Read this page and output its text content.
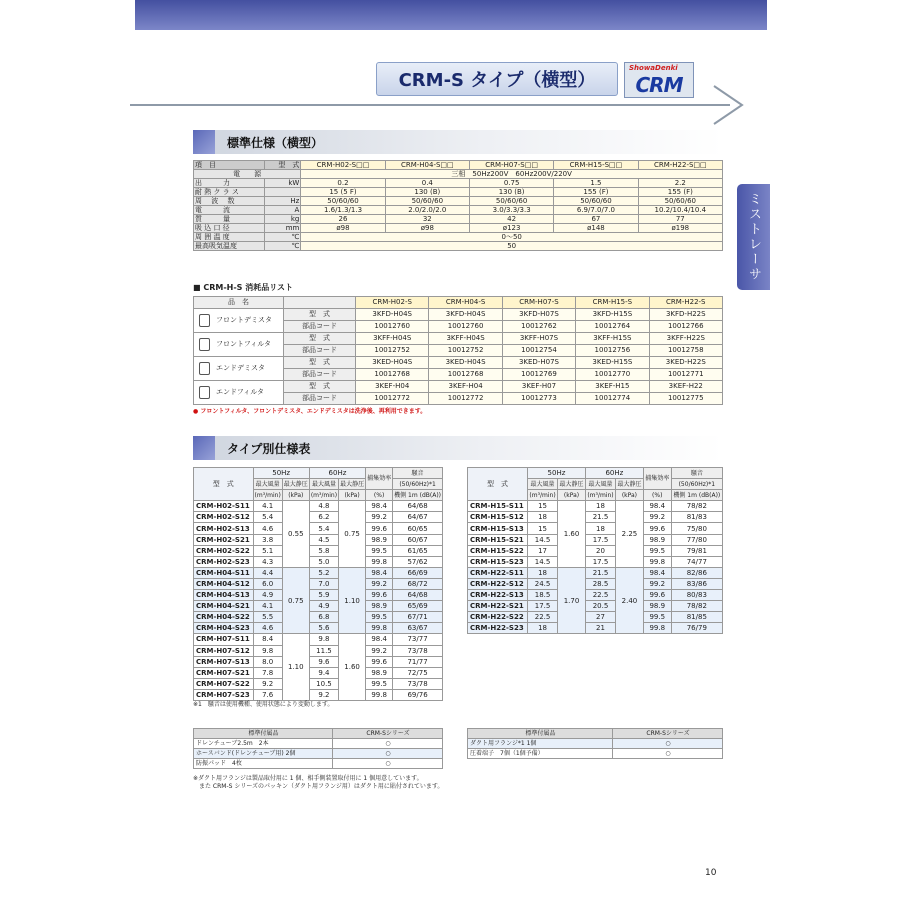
CRM-S タイプ（横型）
ShowaDenki
CRM
ミストレーサ
標準仕様（横型）
項　目	型　式	CRM-H02-S□□	CRM-H04-S□□	CRM-H07-S□□	CRM-H15-S□□	CRM-H22-S□□
電　　源		三相　50Hz200V　60Hz200V/220V				
出　　　力	kW	0.2	0.4	0.75	1.5	2.2
耐 熱 ク ラ ス		15 (5 F)	130 (B)	130 (B)	155 (F)	155 (F)
周　 波　 数	Hz	50/60/60	50/60/60	50/60/60	50/60/60	50/60/60
電　　　流	A	1.6/1.3/1.3	2.0/2.0/2.0	3.0/3.3/3.3	6.9/7.0/7.0	10.2/10.4/10.4
質　　　量	kg	26	32	42	67	77
吸 込 口 径	mm	ø98	ø98	ø123	ø148	ø198
周 囲 温 度	℃	0～50				
最高吸気温度	℃	50				
■ CRM-H-S 消耗品リスト
品　名		CRM-H02-S	CRM-H04-S	CRM-H07-S	CRM-H15-S	CRM-H22-S

フロントデミスタ	型　式	3KFD-H04S	3KFD-H04S	3KFD-H07S	3KFD-H15S	3KFD-H22S
	部品コード	10012760	10012760	10012762	10012764	10012766

フロントフィルタ	型　式	3KFF-H04S	3KFF-H04S	3KFF-H07S	3KFF-H15S	3KFF-H22S
	部品コード	10012752	10012752	10012754	10012756	10012758

エンドデミスタ	型　式	3KED-H04S	3KED-H04S	3KED-H07S	3KED-H15S	3KED-H22S
	部品コード	10012768	10012768	10012769	10012770	10012771

エンドフィルタ	型　式	3KEF-H04	3KEF-H04	3KEF-H07	3KEF-H15	3KEF-H22
	部品コード	10012772	10012772	10012773	10012774	10012775
● フロントフィルタ、フロントデミスタ、エンドデミスタは洗浄後、再利用できます。
タイプ別仕様表
型　式	50Hz		60Hz		捕集効率	騒音
	最大風量	最大静圧	最大風量	最大静圧		(50/60Hz)*1
	(m³/min)	(kPa)	(m³/min)	(kPa)	(%)	機側 1m (dB(A))
CRM-H02-S11	4.1	0.55	4.8	0.75	98.4	64/68
CRM-H02-S12	5.4		6.2		99.2	64/67
CRM-H02-S13	4.6		5.4		99.6	60/65
CRM-H02-S21	3.8		4.5		98.9	60/67
CRM-H02-S22	5.1		5.8		99.5	61/65
CRM-H02-S23	4.3		5.0		99.8	57/62
CRM-H04-S11	4.4	0.75	5.2	1.10	98.4	66/69
CRM-H04-S12	6.0		7.0		99.2	68/72
CRM-H04-S13	4.9		5.9		99.6	64/68
CRM-H04-S21	4.1		4.9		98.9	65/69
CRM-H04-S22	5.5		6.8		99.5	67/71
CRM-H04-S23	4.6		5.6		99.8	63/67
CRM-H07-S11	8.4	1.10	9.8	1.60	98.4	73/77
CRM-H07-S12	9.8		11.5		99.2	73/78
CRM-H07-S13	8.0		9.6		99.6	71/77
CRM-H07-S21	7.8		9.4		98.9	72/75
CRM-H07-S22	9.2		10.5		99.5	73/78
CRM-H07-S23	7.6		9.2		99.8	69/76
型　式	50Hz		60Hz		捕集効率	騒音
	最大風量	最大静圧	最大風量	最大静圧		(50/60Hz)*1
	(m³/min)	(kPa)	(m³/min)	(kPa)	(%)	機側 1m (dB(A))
CRM-H15-S11	15	1.60	18	2.25	98.4	78/82
CRM-H15-S12	18		21.5		99.2	81/83
CRM-H15-S13	15		18		99.6	75/80
CRM-H15-S21	14.5		17.5		98.9	77/80
CRM-H15-S22	17		20		99.5	79/81
CRM-H15-S23	14.5		17.5		99.8	74/77
CRM-H22-S11	18	1.70	21.5	2.40	98.4	82/86
CRM-H22-S12	24.5		28.5		99.2	83/86
CRM-H22-S13	18.5		22.5		99.6	80/83
CRM-H22-S21	17.5		20.5		98.9	78/82
CRM-H22-S22	22.5		27		99.5	81/85
CRM-H22-S23	18		21		99.8	76/79
※1　騒音は使用機種、使用状態により変動します。
標準付属品	CRM-Sシリーズ
ドレンチューブ2.5m　2本	○
ホースバンド(ドレンチューブ用) 2個	○
防振パッド　4枚	○
標準付属品	CRM-Sシリーズ
ダクト用フランジ*1 1個	○
圧着端子　7個（1個予備）	○
※ダクト用フランジは製品取付用に 1 個、相手側装置取付用に 1 個用意しています。
　また CRM-S シリーズのパッキン（ダクト用フランジ用）はダクト用に貼付されています。
10
